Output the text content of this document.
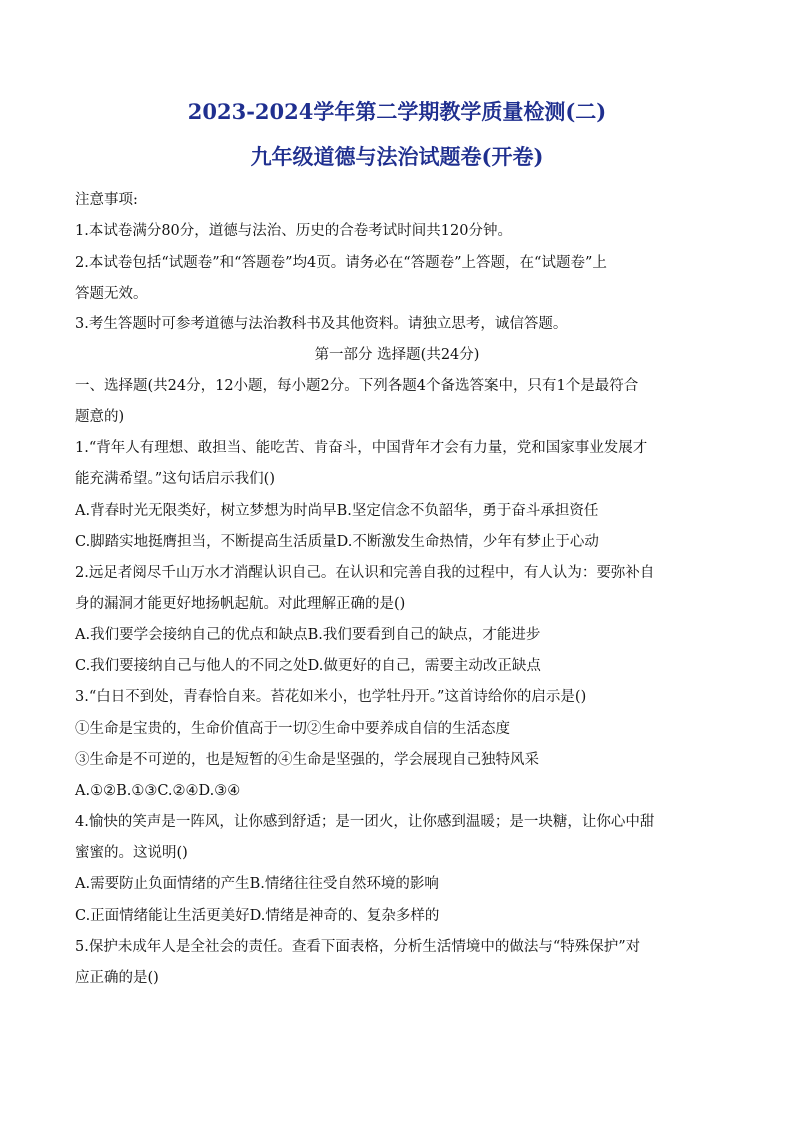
2023-2024学年第二学期教学质量检测(二)
九年级道德与法治试题卷(开卷)
注意事项:
1.本试卷满分80分，道德与法治、历史的合卷考试时间共120分钟。
2.本试卷包括“试题卷”和“答题卷”均4页。请务必在“答题卷”上答题，在“试题卷”上
答题无效。
3.考生答题时可参考道德与法治教科书及其他资料。请独立思考，诚信答题。
第一部分 选择题(共24分)
一、选择题(共24分，12小题，每小题2分。下列各题4个备选答案中，只有1个是最符合
题意的)
1.“背年人有理想、敢担当、能吃苦、肯奋斗，中国背年才会有力量，党和国家事业发展才
能充满希望。”这句话启示我们()
A.背春时光无限类好，树立梦想为时尚早B.坚定信念不负韶华，勇于奋斗承担资任
C.脚踏实地挺膺担当，不断提高生活质量D.不断激发生命热情，少年有梦止于心动
2.远足者阅尽千山万水才消醒认识自己。在认识和完善自我的过程中，有人认为：要弥补自
身的漏洞才能更好地扬帆起航。对此理解正确的是()
A.我们要学会接纳自己的优点和缺点B.我们要看到自己的缺点，才能进步
C.我们要接纳自己与他人的不同之处D.做更好的自己，需要主动改正缺点
3.“白日不到处，青春恰自来。苔花如米小，也学牡丹开。”这首诗给你的启示是()
①生命是宝贵的，生命价值高于一切②生命中要养成自信的生活态度
③生命是不可逆的，也是短暂的④生命是坚强的，学会展现自己独特风采
A.①②B.①③C.②④D.③④
4.愉快的笑声是一阵风，让你感到舒适；是一团火，让你感到温暖；是一块糖，让你心中甜
蜜蜜的。这说明()
A.需要防止负面情绪的产生B.情绪往往受自然环境的影响
C.正面情绪能让生活更美好D.情绪是神奇的、复杂多样的
5.保护未成年人是全社会的责任。查看下面表格，分析生活情境中的做法与“特殊保护”对
应正确的是()
